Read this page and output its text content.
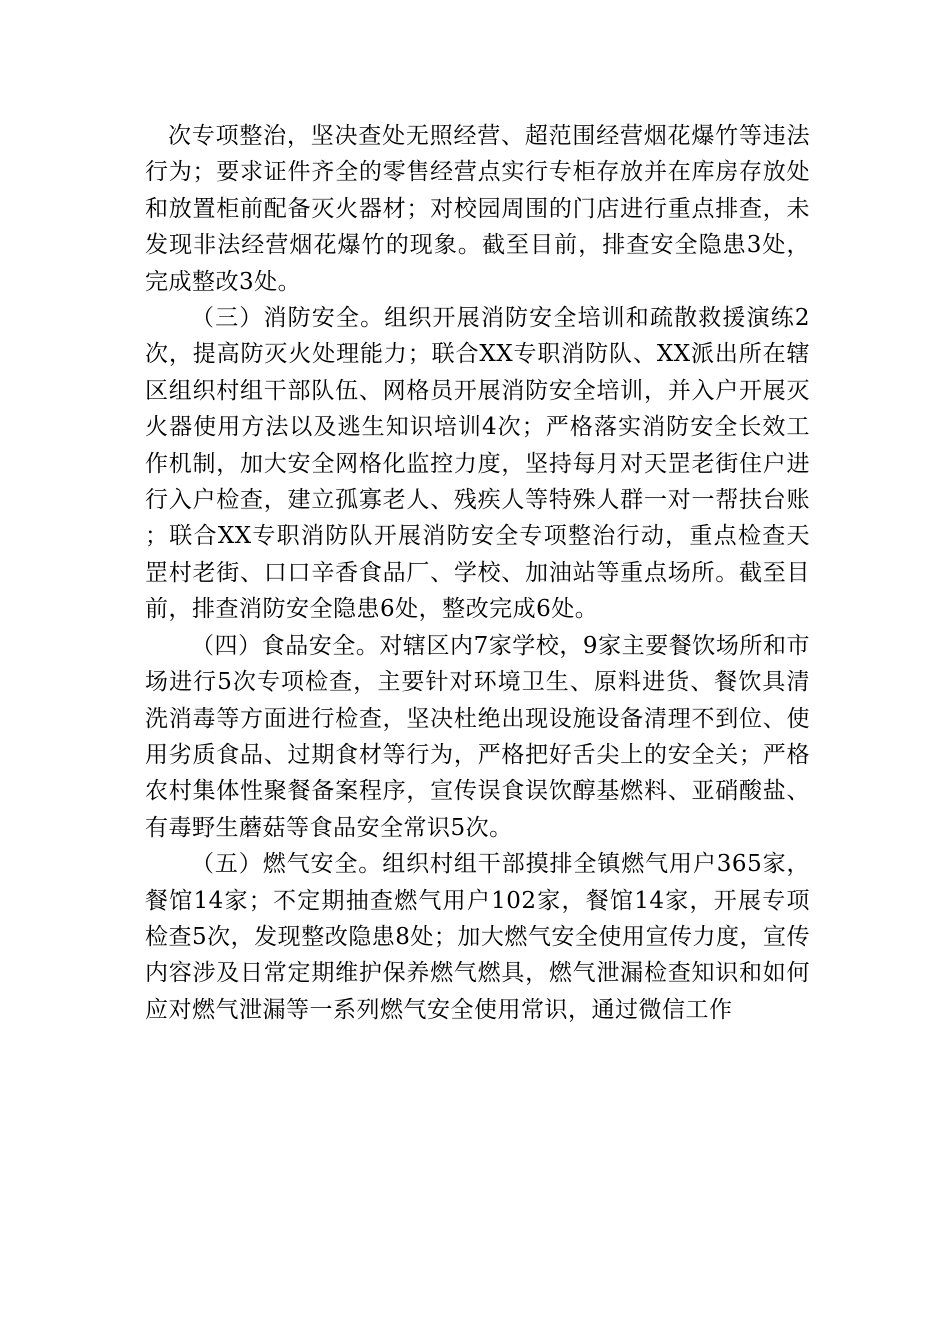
次专项整治，坚决查处无照经营、超范围经营烟花爆竹等违法行为；要求证件齐全的零售经营点实行专柜存放并在库房存放处和放置柜前配备灭火器材；对校园周围的门店进行重点排查，未发现非法经营烟花爆竹的现象。截至目前，排查安全隐患3处，完成整改3处。

（三）消防安全。组织开展消防安全培训和疏散救援演练2次，提高防灭火处理能力；联合XX专职消防队、XX派出所在辖区组织村组干部队伍、网格员开展消防安全培训，并入户开展灭火器使用方法以及逃生知识培训4次；严格落实消防安全长效工作机制，加大安全网格化监控力度，坚持每月对天罡老街住户进行入户检查，建立孤寡老人、残疾人等特殊人群一对一帮扶台账；联合XX专职消防队开展消防安全专项整治行动，重点检查天罡村老街、口口辛香食品厂、学校、加油站等重点场所。截至目前，排查消防安全隐患6处，整改完成6处。

（四）食品安全。对辖区内7家学校，9家主要餐饮场所和市场进行5次专项检查，主要针对环境卫生、原料进货、餐饮具清洗消毒等方面进行检查，坚决杜绝出现设施设备清理不到位、使用劣质食品、过期食材等行为，严格把好舌尖上的安全关；严格农村集体性聚餐备案程序，宣传误食误饮醇基燃料、亚硝酸盐、有毒野生蘑菇等食品安全常识5次。

（五）燃气安全。组织村组干部摸排全镇燃气用户365家，餐馆14家；不定期抽查燃气用户102家，餐馆14家，开展专项检查5次，发现整改隐患8处；加大燃气安全使用宣传力度，宣传内容涉及日常定期维护保养燃气燃具，燃气泄漏检查知识和如何应对燃气泄漏等一系列燃气安全使用常识，通过微信工作
